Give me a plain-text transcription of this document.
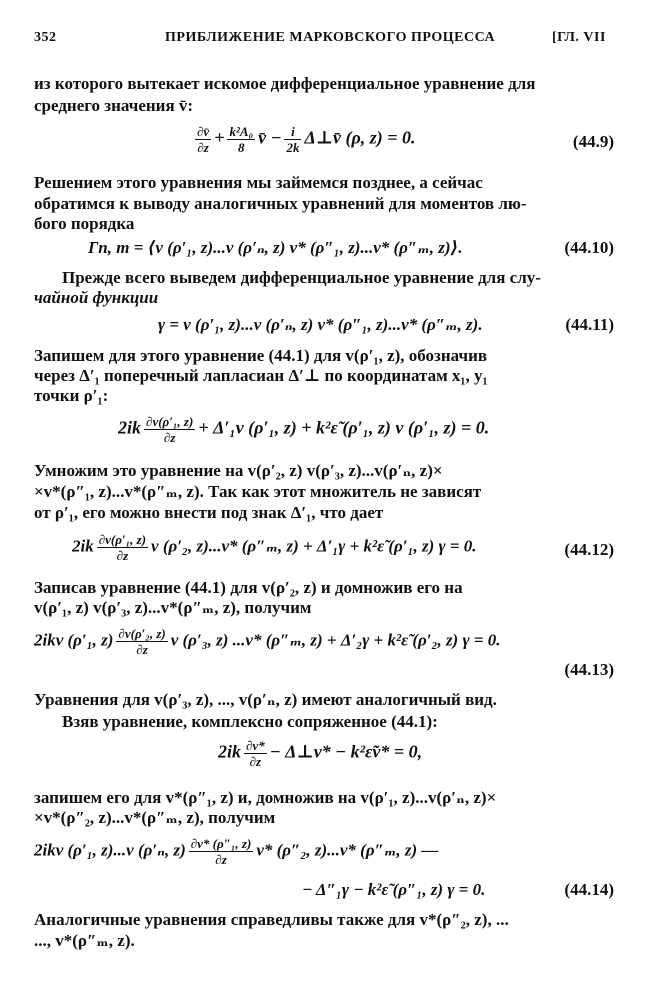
352	ПРИБЛИЖЕНИЕ МАРКОВСКОГО ПРОЦЕССА	[ГЛ. VII
из которого вытекает искомое дифференциальное уравнение для
среднего значения v̄:
$\frac{\partial v̄}{\partial z} + \frac{\text{k²A₀}}{8}$ v̄ − $\frac{i}{2k}$ Δ⊥v̄ (ρ, z) = 0.	(44.9)
Решением этого уравнения мы займемся позднее, а сейчас
обратимся к выводу аналогичных уравнений для моментов лю-
бого порядка
Γn, m = ⟨v (ρ′₁, z)...v (ρ′ₙ, z) v* (ρ″₁, z)...v* (ρ″ₘ, z)⟩.	(44.10)
Прежде всего выведем дифференциальное уравнение для слу-
чайной функции
γ = v (ρ′₁, z)...v (ρ′ₙ, z) v* (ρ″₁, z)...v* (ρ″ₘ, z).	(44.11)
Запишем для этого уравнение (44.1) для v(ρ′₁, z), обозначив
через Δ′₁ поперечный лапласиан Δ′⊥ по координатам x₁, y₁
точки ρ′₁:
$2ik \frac{\text{∂v(ρ′₁, z)}}{\partial z} + \Delta'_1v$ (ρ′₁, z) + k²ε̃ (ρ′₁, z) v (ρ′₁, z) = 0.
Умножим это уравнение на v(ρ′₂, z) v(ρ′₃, z)...v(ρ′ₙ, z)×
×v*(ρ″₁, z)...v*(ρ″ₘ, z). Так как этот множитель не зависят
от ρ′₁, его можно внести под знак Δ′₁, что дает
$2ik \frac{\text{∂v(ρ′₁, z)}}{\partial z}$ v (ρ′₂, z)...v* (ρ″ₘ, z) + Δ′₁γ + k²ε̃ (ρ′₁, z) γ = 0.	(44.12)
Записав уравнение (44.1) для v(ρ′₂, z) и домножив его на
v(ρ′₁, z) v(ρ′₃, z)...v*(ρ″ₘ, z), получим
2ikv (ρ′₁, $z) \frac{\text{∂v(ρ′₂, z)}}{\partial z}$ v (ρ′₃, z) ...v* (ρ″ₘ, z) + Δ′₂γ + k²ε̃ (ρ′₂, z) γ = 0.
(44.13)
Уравнения для v(ρ′₃, z), ..., v(ρ′ₙ, z) имеют аналогичный вид.
Взяв уравнение, комплексно сопряженное (44.1):
$2ik \frac{\partial v*}{\partial z}$ − Δ⊥v* − k²ε̃v* = 0,
запишем его для v*(ρ″₁, z) и, домножив на v(ρ′₁, z)...v(ρ′ₙ, z)×
×v*(ρ″₂, z)...v*(ρ″ₘ, z), получим
2ikv (ρ′₁, z)...v (ρ′ₙ, $z) \frac{\text{∂v* (ρ″₁, z)}}{\partial z} v*$ (ρ″₂, z)...v* (ρ″ₘ, z) —
− Δ″₁γ − k²ε̃ (ρ″₁, z) γ = 0.	(44.14)
Аналогичные уравнения справедливы также для v*(ρ″₂, z), ...
..., v*(ρ″ₘ, z).
